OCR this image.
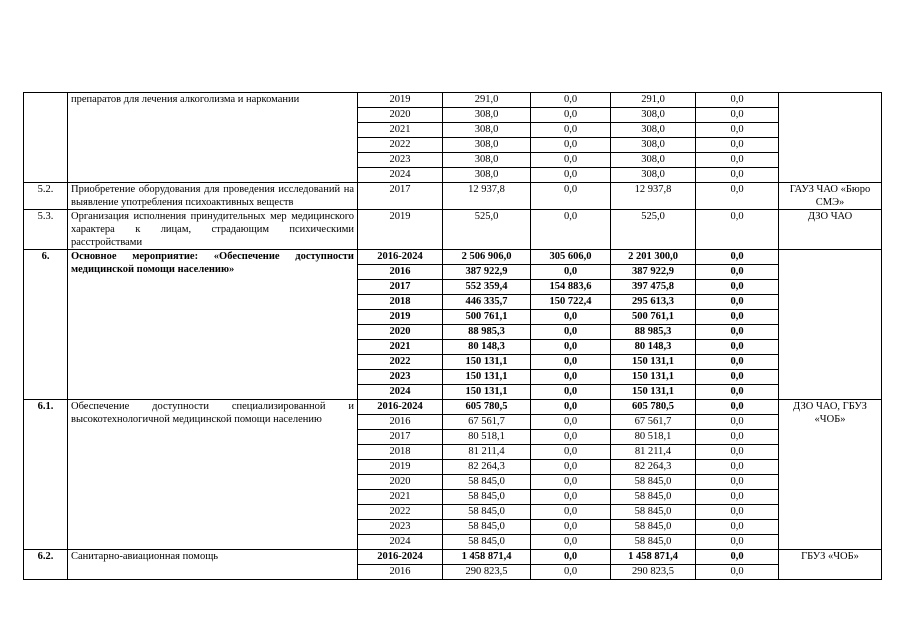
	препаратов для лечения алкоголизма и наркомании	2019	291,0	0,0	291,0	0,0	
		2020	308,0	0,0	308,0	0,0	
		2021	308,0	0,0	308,0	0,0	
		2022	308,0	0,0	308,0	0,0	
		2023	308,0	0,0	308,0	0,0	
		2024	308,0	0,0	308,0	0,0	
5.2.	Приобретение оборудования для проведения исследований на выявление употребления психоактивных веществ	2017	12 937,8	0,0	12 937,8	0,0	ГАУЗ ЧАО «Бюро СМЭ»
5.3.	Организация исполнения принудительных мер медицинского характера к лицам, страдающим психическими расстройствами	2019	525,0	0,0	525,0	0,0	ДЗО ЧАО
6.	Основное мероприятие: «Обеспечение доступности медицинской помощи населению»	2016-2024	2 506 906,0	305 606,0	2 201 300,0	0,0	
		2016	387 922,9	0,0	387 922,9	0,0	
		2017	552 359,4	154 883,6	397 475,8	0,0	
		2018	446 335,7	150 722,4	295 613,3	0,0	
		2019	500 761,1	0,0	500 761,1	0,0	
		2020	88 985,3	0,0	88 985,3	0,0	
		2021	80 148,3	0,0	80 148,3	0,0	
		2022	150 131,1	0,0	150 131,1	0,0	
		2023	150 131,1	0,0	150 131,1	0,0	
		2024	150 131,1	0,0	150 131,1	0,0	
6.1.	Обеспечение доступности специализированной и высокотехнологичной медицинской помощи населению	2016-2024	605 780,5	0,0	605 780,5	0,0	ДЗО ЧАО, ГБУЗ «ЧОБ»
		2016	67 561,7	0,0	67 561,7	0,0	
		2017	80 518,1	0,0	80 518,1	0,0	
		2018	81 211,4	0,0	81 211,4	0,0	
		2019	82 264,3	0,0	82 264,3	0,0	
		2020	58 845,0	0,0	58 845,0	0,0	
		2021	58 845,0	0,0	58 845,0	0,0	
		2022	58 845,0	0,0	58 845,0	0,0	
		2023	58 845,0	0,0	58 845,0	0,0	
		2024	58 845,0	0,0	58 845,0	0,0	
6.2.	Санитарно-авиационная помощь	2016-2024	1 458 871,4	0,0	1 458 871,4	0,0	ГБУЗ «ЧОБ»
		2016	290 823,5	0,0	290 823,5	0,0	
